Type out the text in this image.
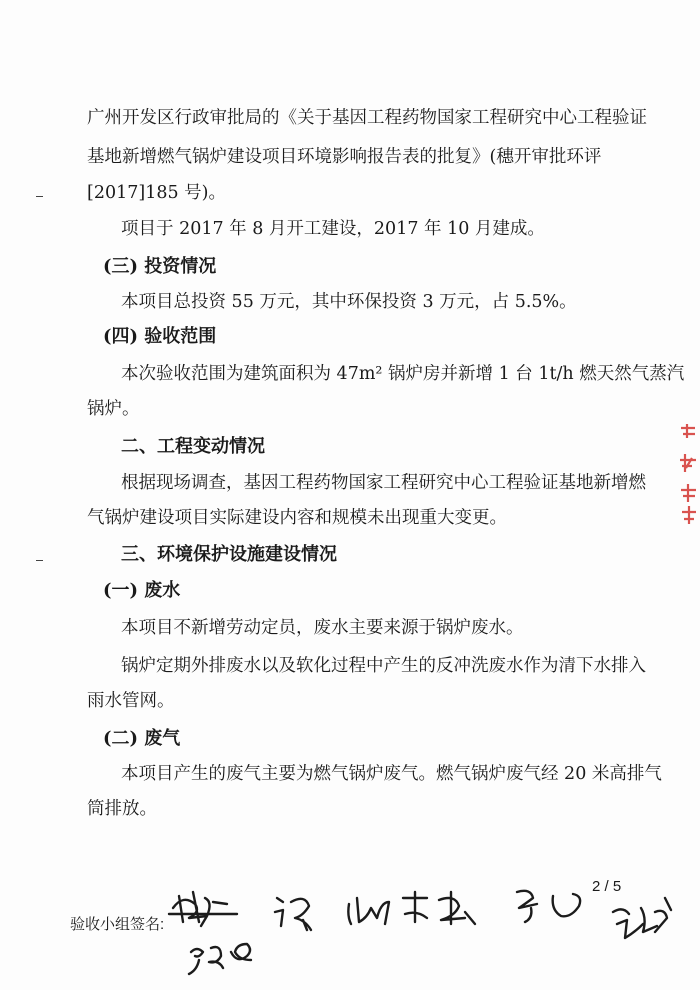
广州开发区行政审批局的《关于基因工程药物国家工程研究中心工程验证
基地新增燃气锅炉建设项目环境影响报告表的批复》(穗开审批环评
[2017]185 号)。
项目于 2017 年 8 月开工建设，2017 年 10 月建成。
(三) 投资情况
本项目总投资 55 万元，其中环保投资 3 万元，占 5.5%。
(四) 验收范围
本次验收范围为建筑面积为 47m² 锅炉房并新增 1 台 1t/h 燃天然气蒸汽
锅炉。
二、工程变动情况
根据现场调查，基因工程药物国家工程研究中心工程验证基地新增燃
气锅炉建设项目实际建设内容和规模未出现重大变更。
三、环境保护设施建设情况
(一) 废水
本项目不新增劳动定员，废水主要来源于锅炉废水。
锅炉定期外排废水以及软化过程中产生的反冲洗废水作为清下水排入
雨水管网。
(二) 废气
本项目产生的废气主要为燃气锅炉废气。燃气锅炉废气经 20 米高排气
筒排放。
2 / 5
验收小组签名:
